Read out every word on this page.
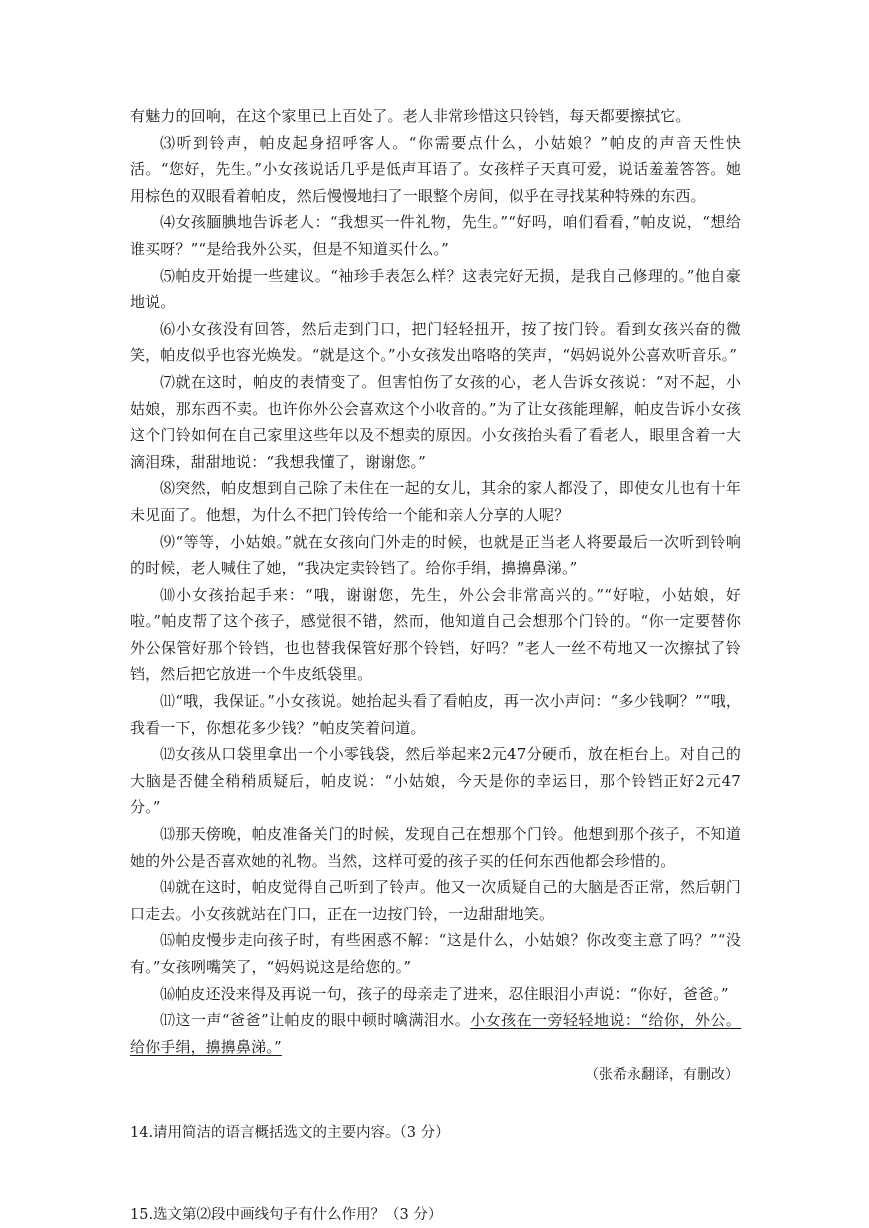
有魅力的回响，在这个家里已上百处了。老人非常珍惜这只铃铛，每天都要擦拭它。

⑶听到铃声，帕皮起身招呼客人。“你需要点什么，小姑娘？”帕皮的声音天性快活。“您好，先生。”小女孩说话几乎是低声耳语了。女孩样子天真可爱，说话羞羞答答。她用棕色的双眼看着帕皮，然后慢慢地扫了一眼整个房间，似乎在寻找某种特殊的东西。

⑷女孩腼腆地告诉老人：“我想买一件礼物，先生。”“好吗，咱们看看，”帕皮说，“想给谁买呀？”“是给我外公买，但是不知道买什么。”

⑸帕皮开始提一些建议。“袖珍手表怎么样？这表完好无损，是我自己修理的。”他自豪地说。

⑹小女孩没有回答，然后走到门口，把门轻轻扭开，按了按门铃。看到女孩兴奋的微笑，帕皮似乎也容光焕发。“就是这个。”小女孩发出咯咯的笑声，“妈妈说外公喜欢听音乐。”

⑺就在这时，帕皮的表情变了。但害怕伤了女孩的心，老人告诉女孩说：“对不起，小姑娘，那东西不卖。也许你外公会喜欢这个小收音的。”为了让女孩能理解，帕皮告诉小女孩这个门铃如何在自己家里这些年以及不想卖的原因。小女孩抬头看了看老人，眼里含着一大滴泪珠，甜甜地说：“我想我懂了，谢谢您。”

⑻突然，帕皮想到自己除了未住在一起的女儿，其余的家人都没了，即使女儿也有十年未见面了。他想，为什么不把门铃传给一个能和亲人分享的人呢？

⑼“等等，小姑娘。”就在女孩向门外走的时候，也就是正当老人将要最后一次听到铃响的时候，老人喊住了她，“我决定卖铃铛了。给你手绢，擤擤鼻涕。”

⑽小女孩抬起手来：“哦，谢谢您，先生，外公会非常高兴的。”“好啦，小姑娘，好啦。”帕皮帮了这个孩子，感觉很不错，然而，他知道自己会想那个门铃的。“你一定要替你外公保管好那个铃铛，也也替我保管好那个铃铛，好吗？”老人一丝不苟地又一次擦拭了铃铛，然后把它放进一个牛皮纸袋里。

⑾“哦，我保证。”小女孩说。她抬起头看了看帕皮，再一次小声问：“多少钱啊？”“哦，我看一下，你想花多少钱？”帕皮笑着问道。

⑿女孩从口袋里拿出一个小零钱袋，然后举起来2元47分硬币，放在柜台上。对自己的大脑是否健全稍稍质疑后，帕皮说：“小姑娘，今天是你的幸运日，那个铃铛正好2元47分。”

⒀那天傍晚，帕皮准备关门的时候，发现自己在想那个门铃。他想到那个孩子，不知道她的外公是否喜欢她的礼物。当然，这样可爱的孩子买的任何东西他都会珍惜的。

⒁就在这时，帕皮觉得自己听到了铃声。他又一次质疑自己的大脑是否正常，然后朝门口走去。小女孩就站在门口，正在一边按门铃，一边甜甜地笑。

⒂帕皮慢步走向孩子时，有些困惑不解：“这是什么，小姑娘？你改变主意了吗？”“没有。”女孩咧嘴笑了，“妈妈说这是给您的。”

⒃帕皮还没来得及再说一句，孩子的母亲走了进来，忍住眼泪小声说：“你好，爸爸。”

⒄这一声“爸爸”让帕皮的眼中顿时噙满泪水。小女孩在一旁轻轻地说：“给你，外公。给你手绢，擤擤鼻涕。”

（张希永翻译，有删改）

14.请用简洁的语言概括选文的主要内容。（3 分）

15.选文第⑵段中画线句子有什么作用？（3 分）
